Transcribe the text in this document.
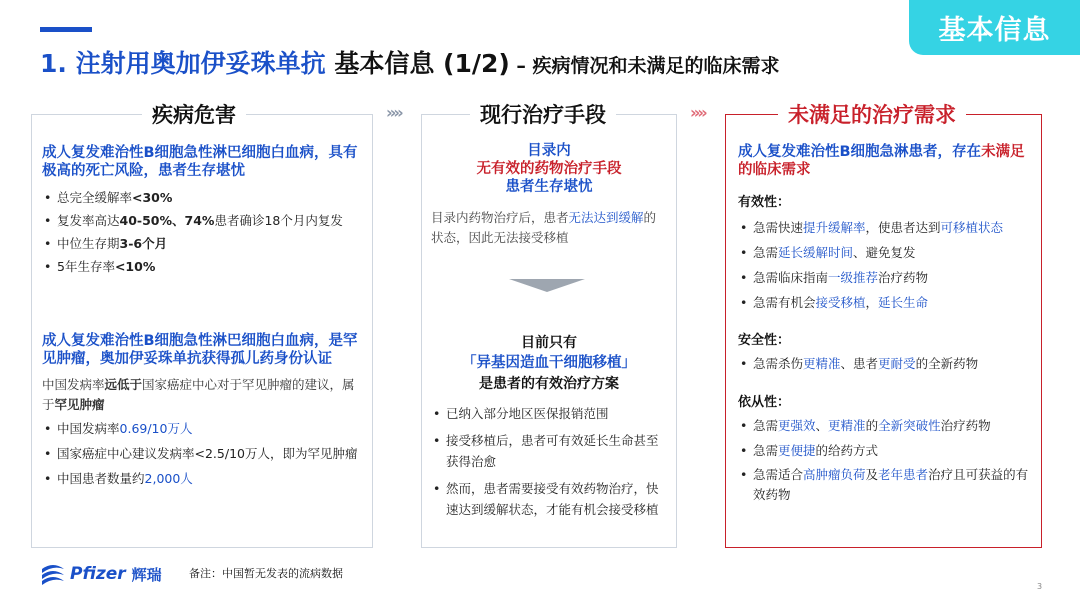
基本信息
1. 注射用奥加伊妥珠单抗 基本信息 (1/2) – 疾病情况和未满足的临床需求
疾病危害	现行治疗手段	未满足的治疗需求
»»	»»
成人复发难治性B细胞急性淋巴细胞白血病，具有极高的死亡风险，患者生存堪忧
• 总完全缓解率<30%
• 复发率高达40-50%、74%患者确诊18个月内复发
• 中位生存期3-6个月
• 5年生存率<10%
成人复发难治性B细胞急性淋巴细胞白血病，是罕见肿瘤，奥加伊妥珠单抗获得孤儿药身份认证
中国发病率远低于国家癌症中心对于罕见肿瘤的建议，属于罕见肿瘤
• 中国发病率0.69/10万人
• 国家癌症中心建议发病率<2.5/10万人，即为罕见肿瘤
• 中国患者数量约2,000人
目录内
无有效的药物治疗手段
患者生存堪忧
目录内药物治疗后，患者无法达到缓解的状态，因此无法接受移植
目前只有
「异基因造血干细胞移植」
是患者的有效治疗方案
• 已纳入部分地区医保报销范围
• 接受移植后，患者可有效延长生命甚至获得治愈
• 然而，患者需要接受有效药物治疗，快速达到缓解状态，才能有机会接受移植
成人复发难治性B细胞急淋患者，存在未满足的临床需求
有效性：
• 急需快速提升缓解率，使患者达到可移植状态
• 急需延长缓解时间、避免复发
• 急需临床指南一级推荐治疗药物
• 急需有机会接受移植，延长生命
安全性：
• 急需杀伤更精准、患者更耐受的全新药物
依从性：
• 急需更强效、更精准的全新突破性治疗药物
• 急需更便捷的给药方式
• 急需适合高肿瘤负荷及老年患者治疗且可获益的有效药物
Pfizer 辉瑞 备注：中国暂无发表的流病数据
3
